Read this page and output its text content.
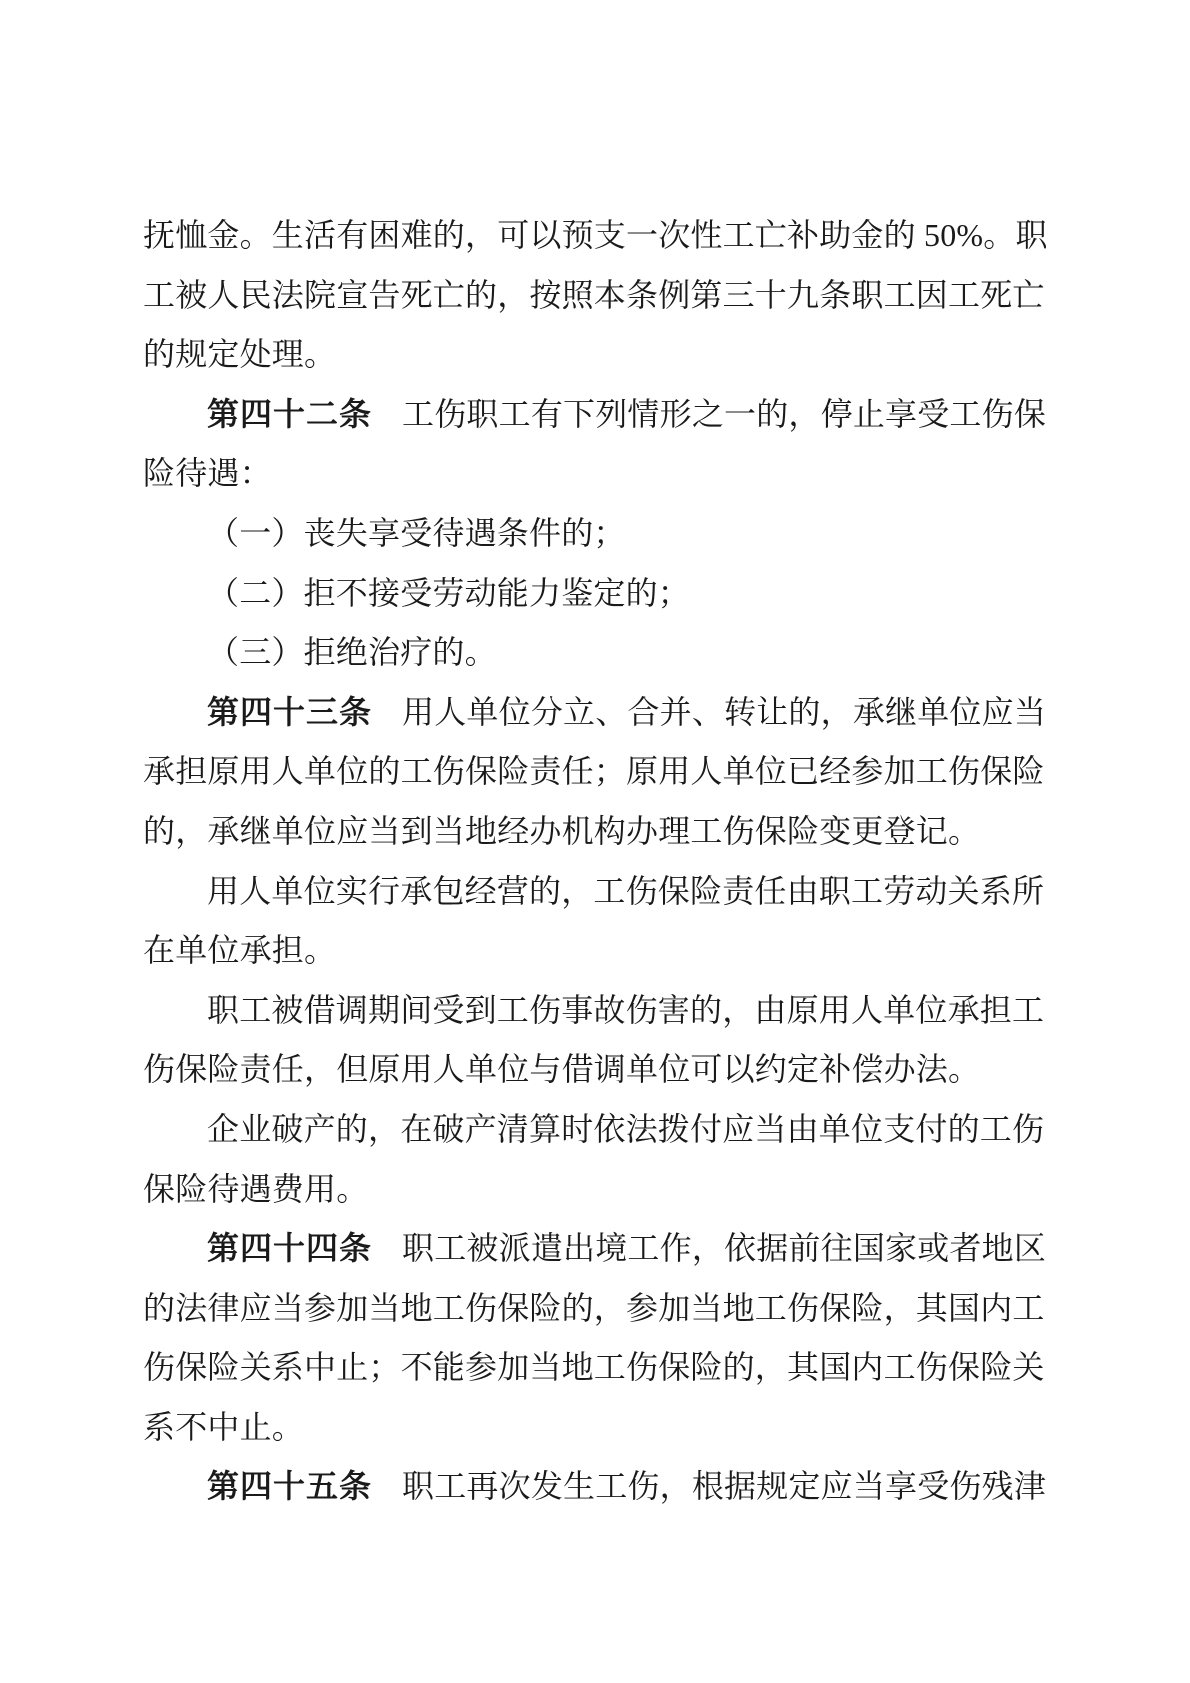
抚恤金。生活有困难的，可以预支一次性工亡补助金的 50%。职
工被人民法院宣告死亡的，按照本条例第三十九条职工因工死亡
的规定处理。
第四十二条 工伤职工有下列情形之一的，停止享受工伤保
险待遇：
（一）丧失享受待遇条件的；
（二）拒不接受劳动能力鉴定的；
（三）拒绝治疗的。
第四十三条 用人单位分立、合并、转让的，承继单位应当
承担原用人单位的工伤保险责任；原用人单位已经参加工伤保险
的，承继单位应当到当地经办机构办理工伤保险变更登记。
用人单位实行承包经营的，工伤保险责任由职工劳动关系所
在单位承担。
职工被借调期间受到工伤事故伤害的，由原用人单位承担工
伤保险责任，但原用人单位与借调单位可以约定补偿办法。
企业破产的，在破产清算时依法拨付应当由单位支付的工伤
保险待遇费用。
第四十四条 职工被派遣出境工作，依据前往国家或者地区
的法律应当参加当地工伤保险的，参加当地工伤保险，其国内工
伤保险关系中止；不能参加当地工伤保险的，其国内工伤保险关
系不中止。
第四十五条 职工再次发生工伤，根据规定应当享受伤残津
